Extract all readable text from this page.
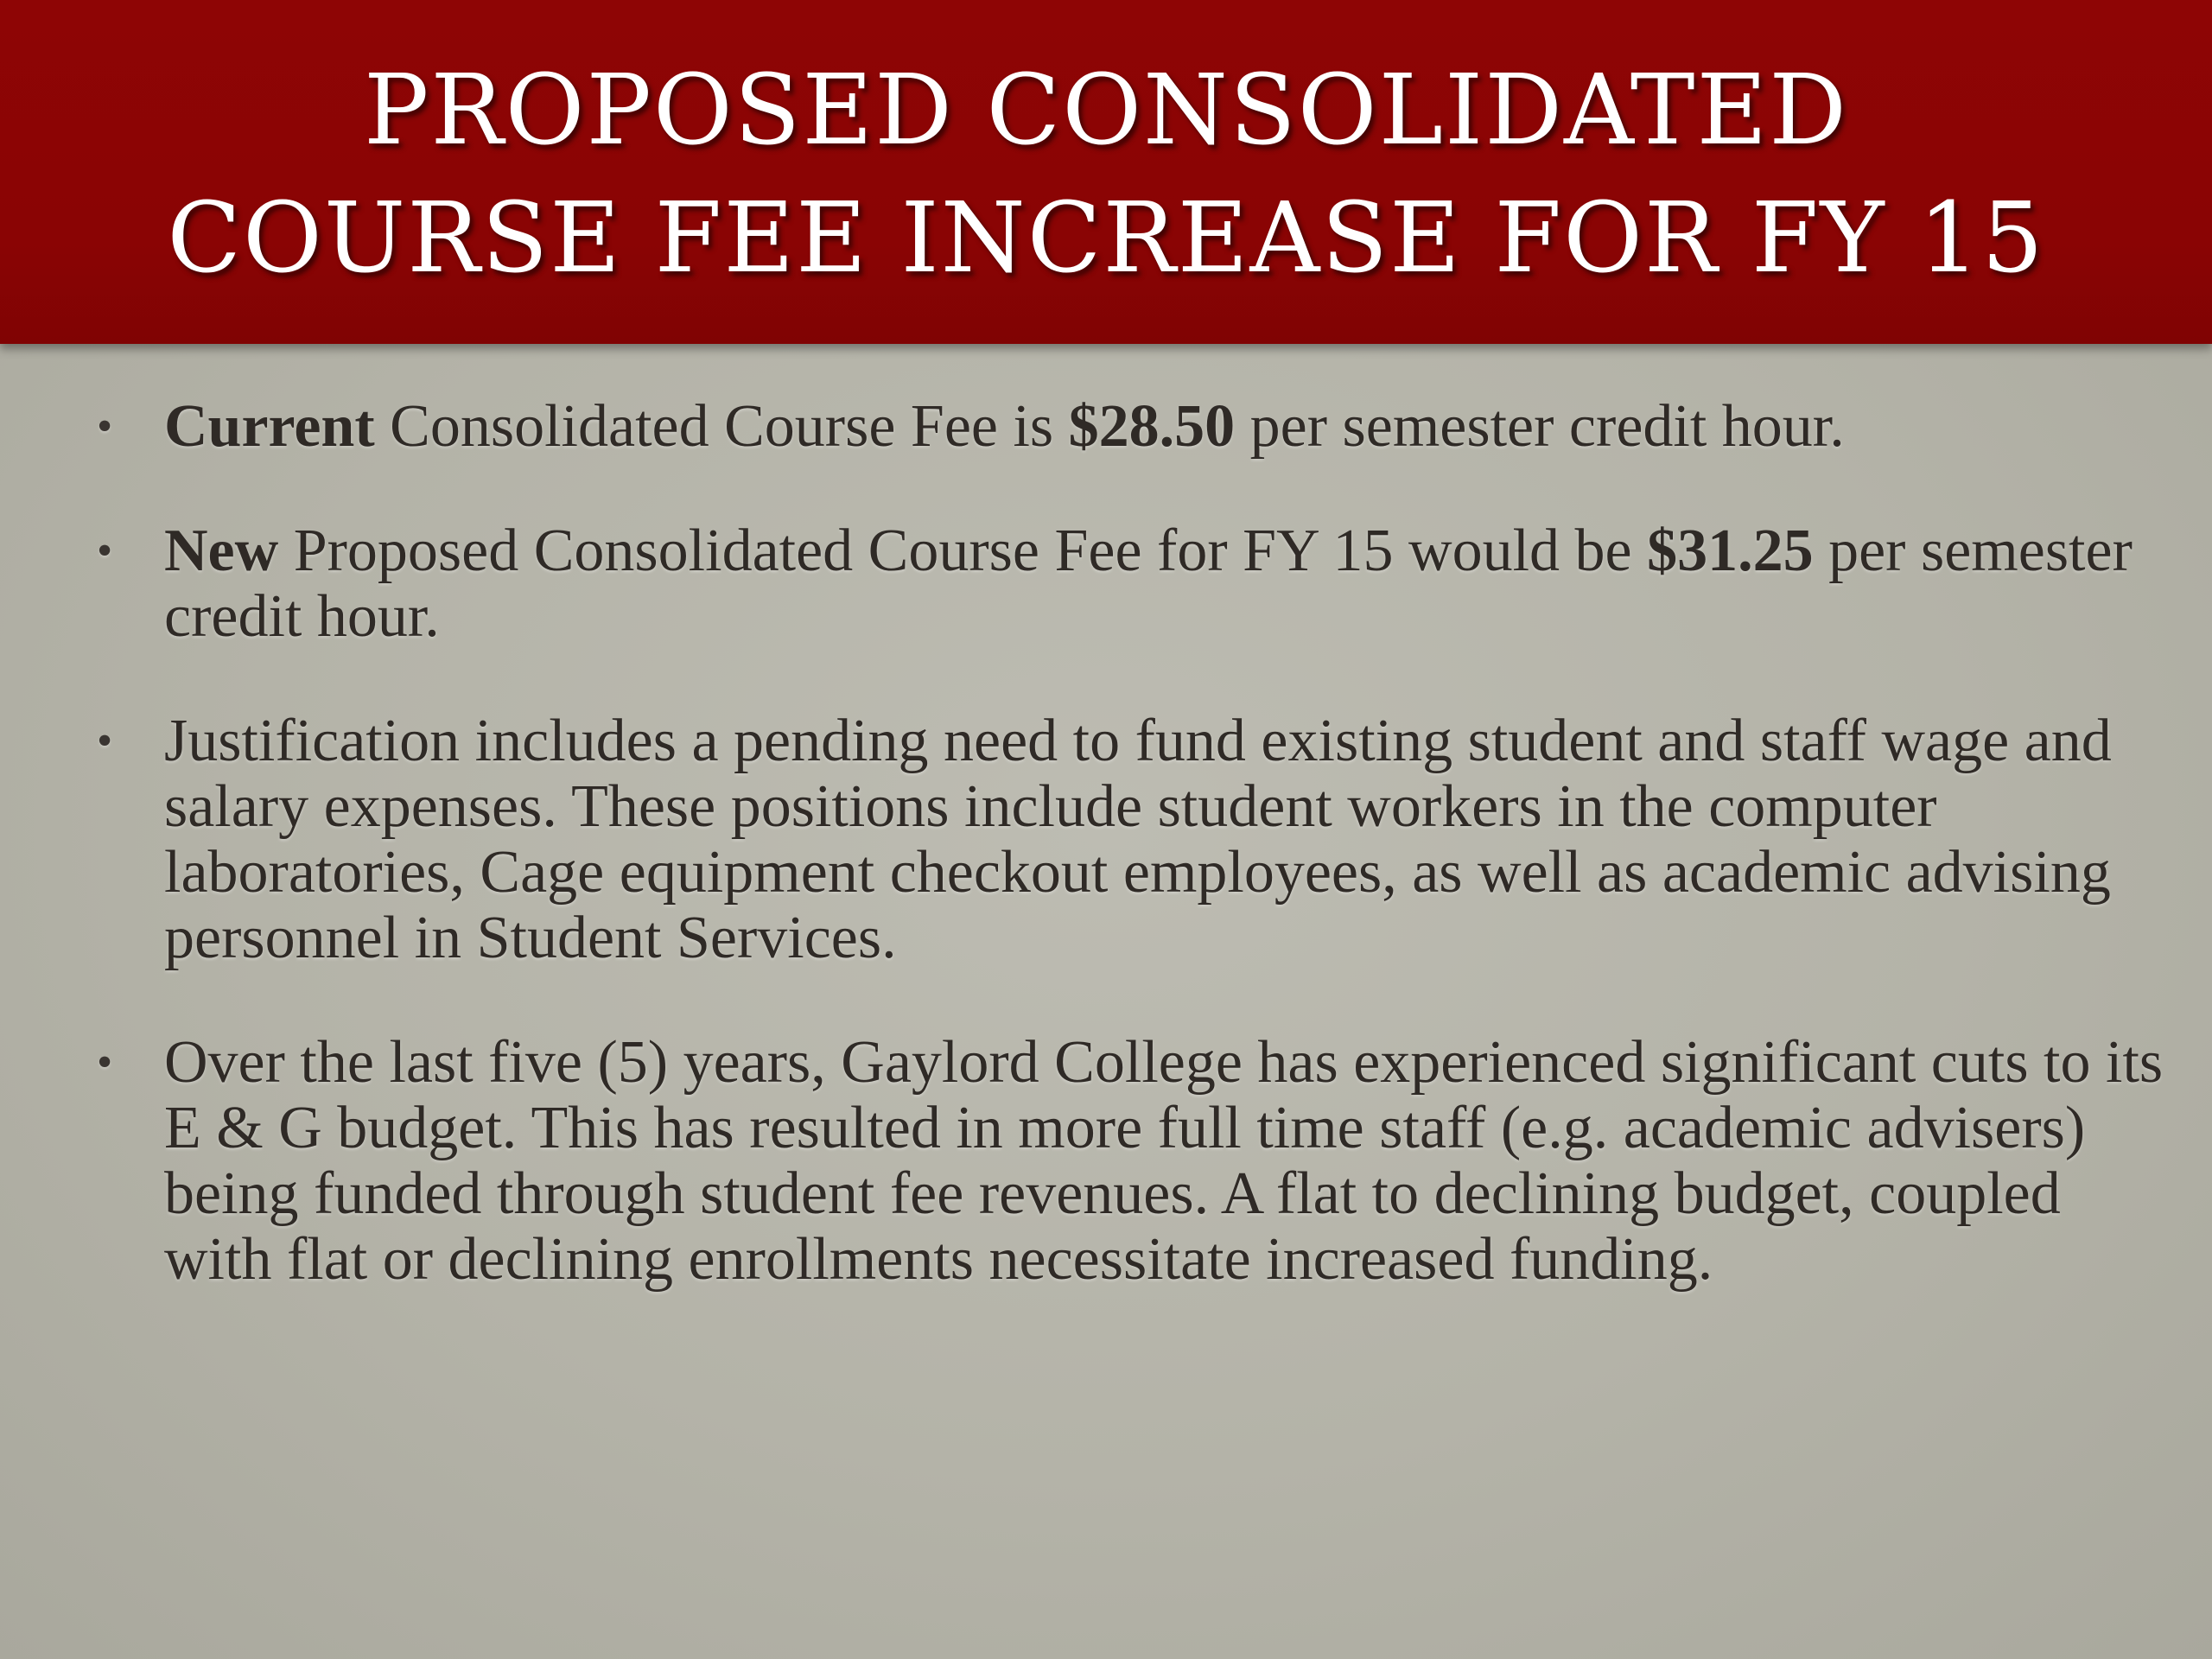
PROPOSED CONSOLIDATED
COURSE FEE INCREASE FOR FY 15
• Current Consolidated Course Fee is $28.50 per semester credit hour.
• New Proposed Consolidated Course Fee for FY 15 would be $31.25 per semester credit hour.
• Justification includes a pending need to fund existing student and staff wage and salary expenses. These positions include student workers in the computer laboratories, Cage equipment checkout employees, as well as academic advising personnel in Student Services.
• Over the last five (5) years, Gaylord College has experienced significant cuts to its E & G budget. This has resulted in more full time staff (e.g. academic advisers) being funded through student fee revenues. A flat to declining budget, coupled with flat or declining enrollments necessitate increased funding.
